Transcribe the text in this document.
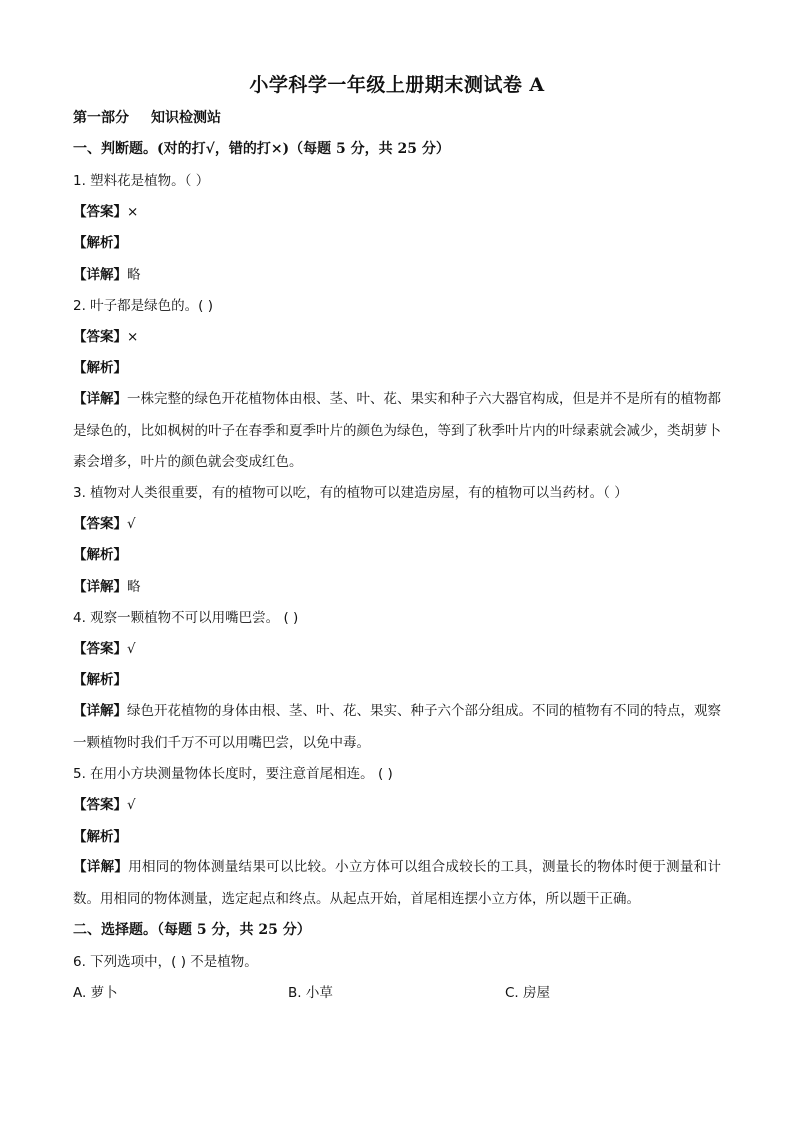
小学科学一年级上册期末测试卷 A
第一部分 知识检测站
一、判断题。(对的打√，错的打×)（每题 5 分，共 25 分）
1. 塑料花是植物。（ ）
【答案】×
【解析】
【详解】略
2. 叶子都是绿色的。( )
【答案】×
【解析】
【详解】一株完整的绿色开花植物体由根、茎、叶、花、果实和种子六大器官构成，但是并不是所有的植物都是绿色的，比如枫树的叶子在春季和夏季叶片的颜色为绿色，等到了秋季叶片内的叶绿素就会减少，类胡萝卜素会增多，叶片的颜色就会变成红色。
3. 植物对人类很重要，有的植物可以吃，有的植物可以建造房屋，有的植物可以当药材。（ ）
【答案】√
【解析】
【详解】略
4. 观察一颗植物不可以用嘴巴尝。 ( )
【答案】√
【解析】
【详解】绿色开花植物的身体由根、茎、叶、花、果实、种子六个部分组成。不同的植物有不同的特点，观察一颗植物时我们千万不可以用嘴巴尝，以免中毒。
5. 在用小方块测量物体长度时，要注意首尾相连。 ( )
【答案】√
【解析】
【详解】用相同的物体测量结果可以比较。小立方体可以组合成较长的工具，测量长的物体时便于测量和计数。用相同的物体测量，选定起点和终点。从起点开始，首尾相连摆小立方体，所以题干正确。
二、选择题。（每题 5 分，共 25 分）
6. 下列选项中，( ) 不是植物。
A. 萝卜	B. 小草	C. 房屋
